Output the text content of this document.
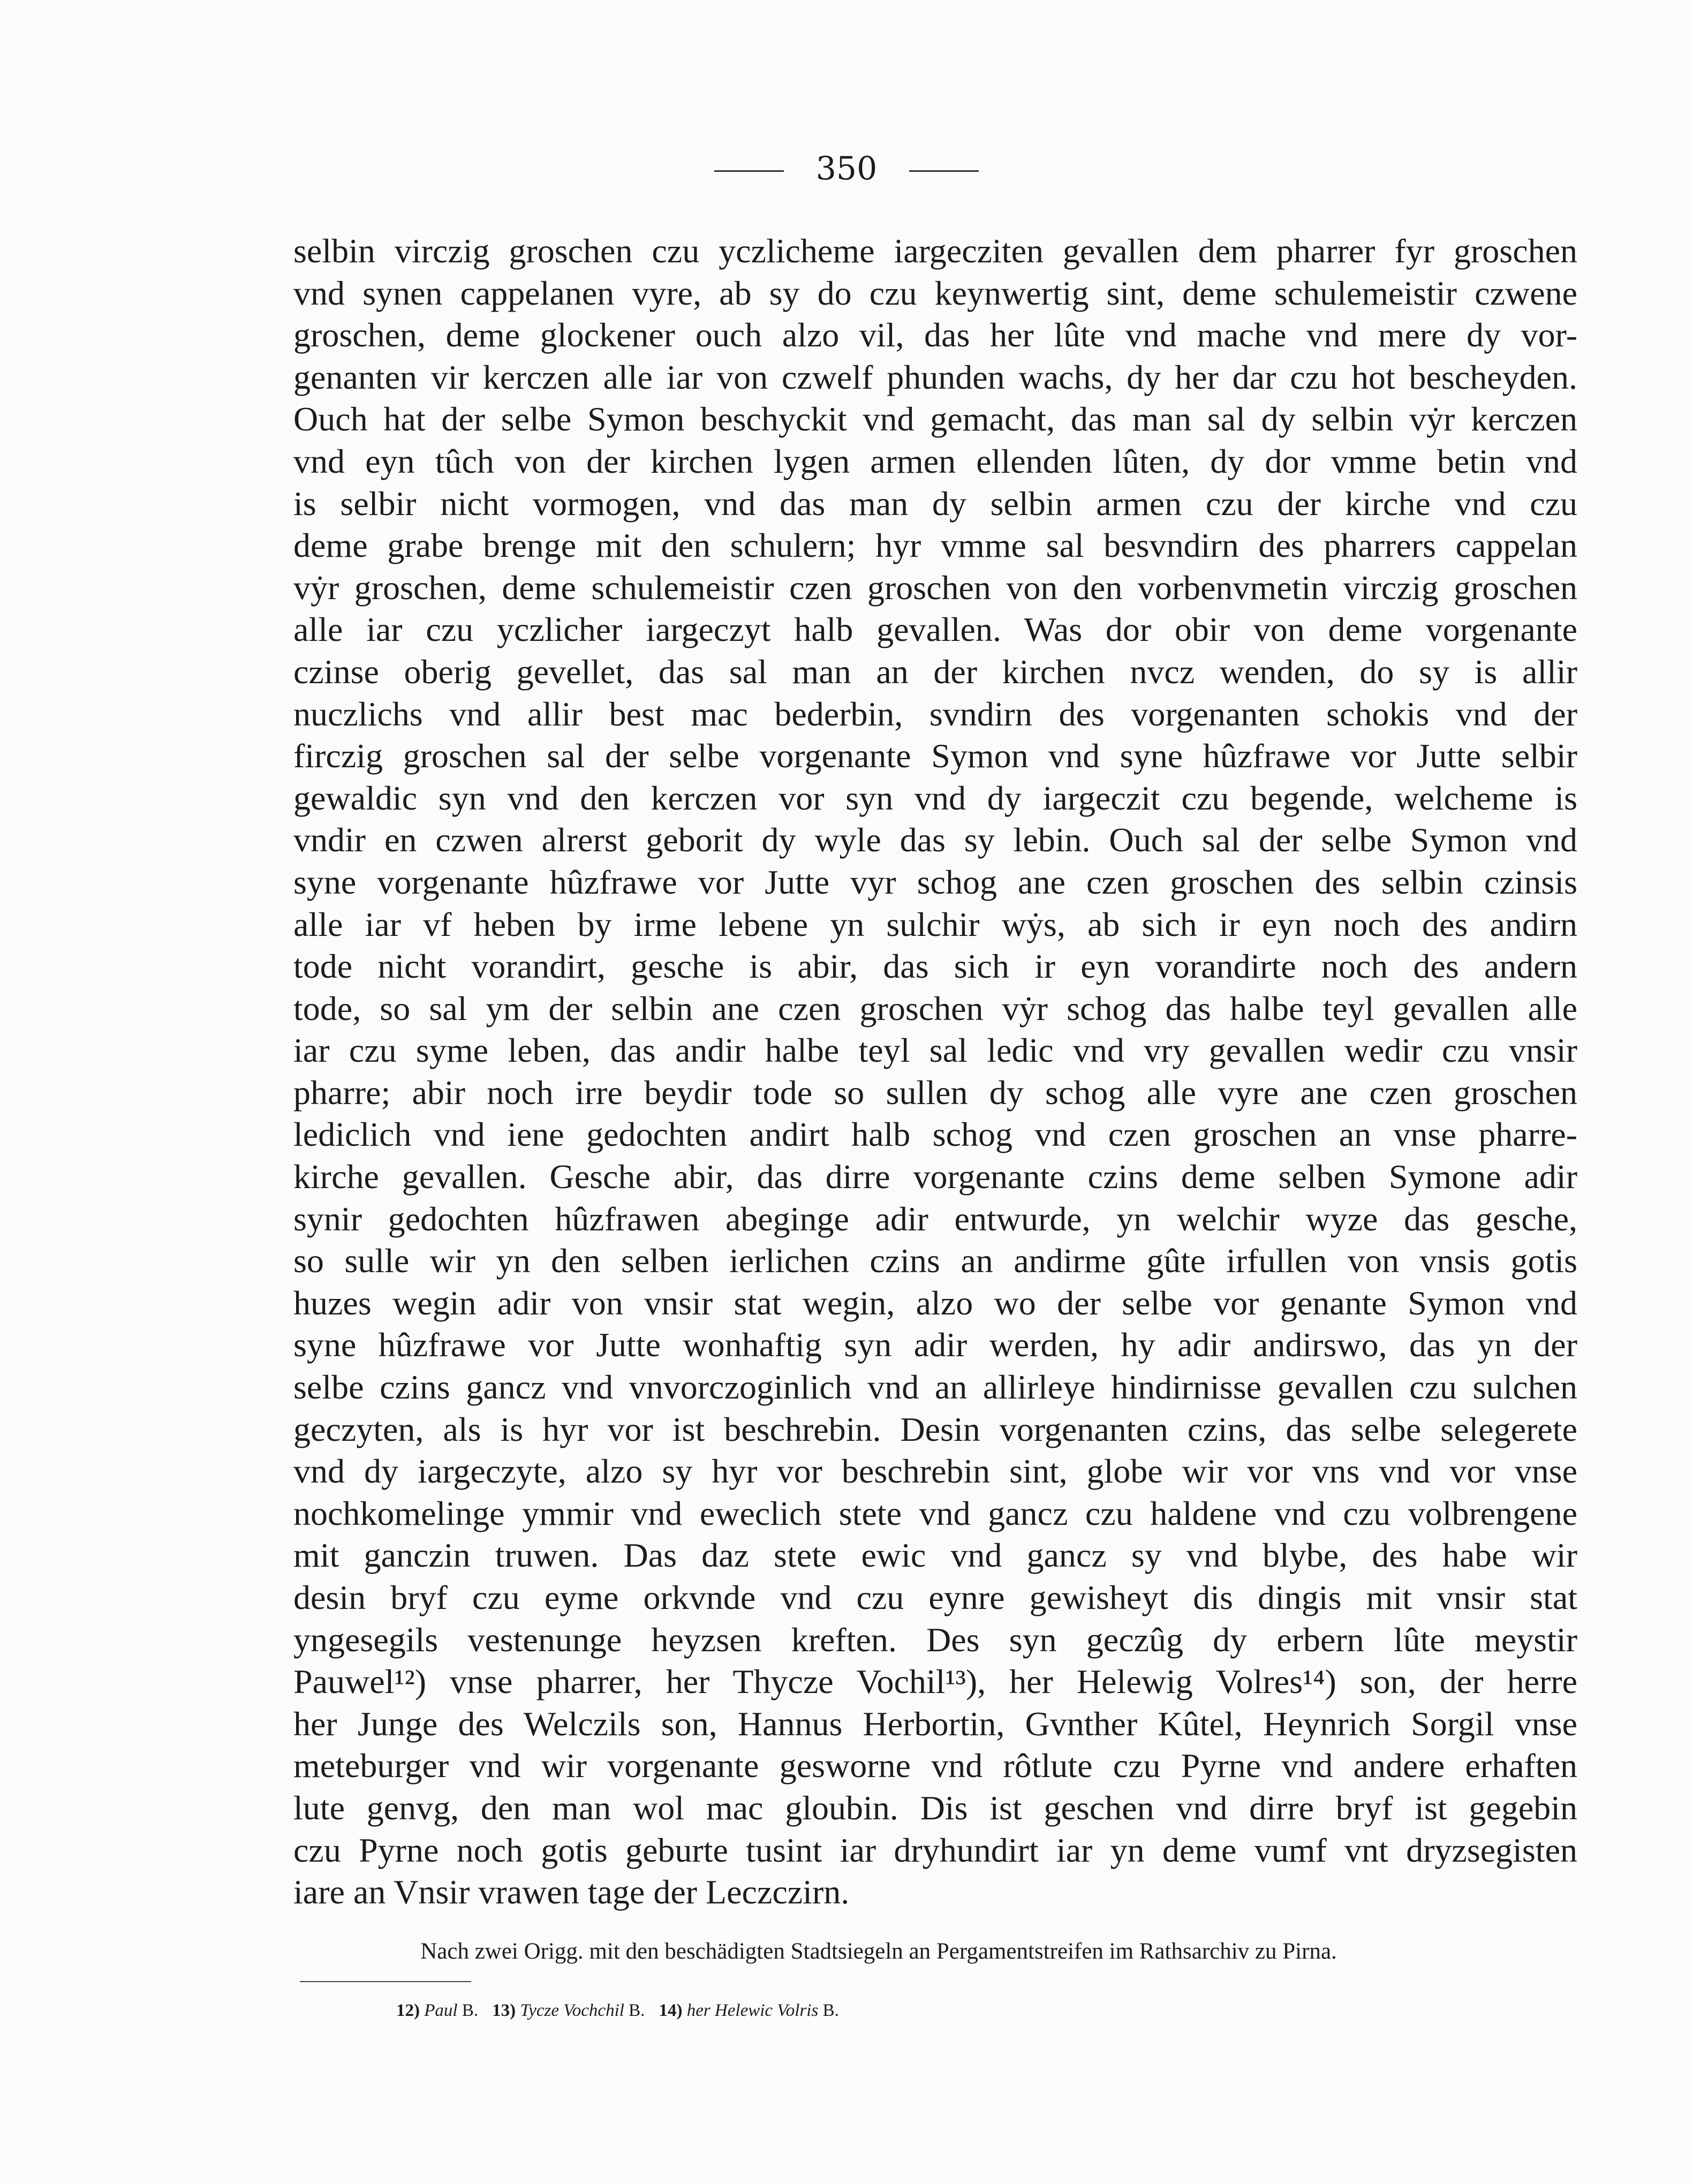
350
selbin virczig groschen czu yczlicheme iargecziten gevallen dem pharrer fyr groschen
vnd synen cappelanen vyre, ab sy do czu keynwertig sint, deme schulemeistir czwene
groschen, deme glockener ouch alzo vil, das her lûte vnd mache vnd mere dy vor-
genanten vir kerczen alle iar von czwelf phunden wachs, dy her dar czu hot bescheyden.
Ouch hat der selbe Symon beschyckit vnd gemacht, das man sal dy selbin vẏr kerczen
vnd eyn tûch von der kirchen lygen armen ellenden lûten, dy dor vmme betin vnd
is selbir nicht vormogen, vnd das man dy selbin armen czu der kirche vnd czu
deme grabe brenge mit den schulern; hyr vmme sal besvndirn des pharrers cappelan
vẏr groschen, deme schulemeistir czen groschen von den vorbenvmetin virczig groschen
alle iar czu yczlicher iargeczyt halb gevallen. Was dor obir von deme vorgenante
czinse oberig gevellet, das sal man an der kirchen nvcz wenden, do sy is allir
nuczlichs vnd allir best mac bederbin, svndirn des vorgenanten schokis vnd der
firczig groschen sal der selbe vorgenante Symon vnd syne hûzfrawe vor Jutte selbir
gewaldic syn vnd den kerczen vor syn vnd dy iargeczit czu begende, welcheme is
vndir en czwen alrerst geborit dy wyle das sy lebin. Ouch sal der selbe Symon vnd
syne vorgenante hûzfrawe vor Jutte vyr schog ane czen groschen des selbin czinsis
alle iar vf heben by irme lebene yn sulchir wẏs, ab sich ir eyn noch des andirn
tode nicht vorandirt, gesche is abir, das sich ir eyn vorandirte noch des andern
tode, so sal ym der selbin ane czen groschen vẏr schog das halbe teyl gevallen alle
iar czu syme leben, das andir halbe teyl sal ledic vnd vry gevallen wedir czu vnsir
pharre; abir noch irre beydir tode so sullen dy schog alle vyre ane czen groschen
lediclich vnd iene gedochten andirt halb schog vnd czen groschen an vnse pharre-
kirche gevallen. Gesche abir, das dirre vorgenante czins deme selben Symone adir
synir gedochten hûzfrawen abeginge adir entwurde, yn welchir wyze das gesche,
so sulle wir yn den selben ierlichen czins an andirme gûte irfullen von vnsis gotis
huzes wegin adir von vnsir stat wegin, alzo wo der selbe vor genante Symon vnd
syne hûzfrawe vor Jutte wonhaftig syn adir werden, hy adir andirswo, das yn der
selbe czins gancz vnd vnvorczoginlich vnd an allirleye hindirnisse gevallen czu sulchen
geczyten, als is hyr vor ist beschrebin. Desin vorgenanten czins, das selbe selegerete
vnd dy iargeczyte, alzo sy hyr vor beschrebin sint, globe wir vor vns vnd vor vnse
nochkomelinge ymmir vnd eweclich stete vnd gancz czu haldene vnd czu volbrengene
mit ganczin truwen. Das daz stete ewic vnd gancz sy vnd blybe, des habe wir
desin bryf czu eyme orkvnde vnd czu eynre gewisheyt dis dingis mit vnsir stat
yngesegils vestenunge heyzsen kreften. Des syn geczûg dy erbern lûte meystir
Pauwel¹²) vnse pharrer, her Thycze Vochil¹³), her Helewig Volres¹⁴) son, der herre
her Junge des Welczils son, Hannus Herbortin, Gvnther Kûtel, Heynrich Sorgil vnse
meteburger vnd wir vorgenante gesworne vnd rôtlute czu Pyrne vnd andere erhaften
lute genvg, den man wol mac gloubin. Dis ist geschen vnd dirre bryf ist gegebin
czu Pyrne noch gotis geburte tusint iar dryhundirt iar yn deme vumf vnt dryzsegisten
iare an Vnsir vrawen tage der Leczczirn.
Nach zwei Origg. mit den beschädigten Stadtsiegeln an Pergamentstreifen im Rathsarchiv zu Pirna.
12) Paul B. 13) Tycze Vochchil B. 14) her Helewic Volris B.
